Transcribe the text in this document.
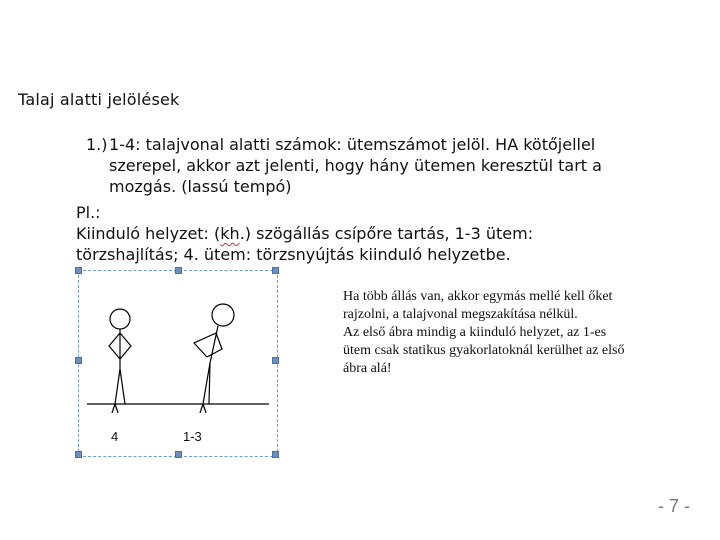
Talaj alatti jelölések
1.) 1-4: talajvonal alatti számok: ütemszámot jelöl. HA kötőjellel
szerepel, akkor azt jelenti, hogy hány ütemen keresztül tart a
mozgás. (lassú tempó)
Pl.:
Kiinduló helyzet: (kh.) szögállás csípőre tartás, 1-3 ütem:
törzshajlítás; 4. ütem: törzsnyújtás kiinduló helyzetbe.
4	1-3
Ha több állás van, akkor egymás mellé kell őket
rajzolni, a talajvonal megszakítása nélkül.
Az első ábra mindig a kiinduló helyzet, az 1-es
ütem csak statikus gyakorlatoknál kerülhet az első
ábra alá!
- 7 -
